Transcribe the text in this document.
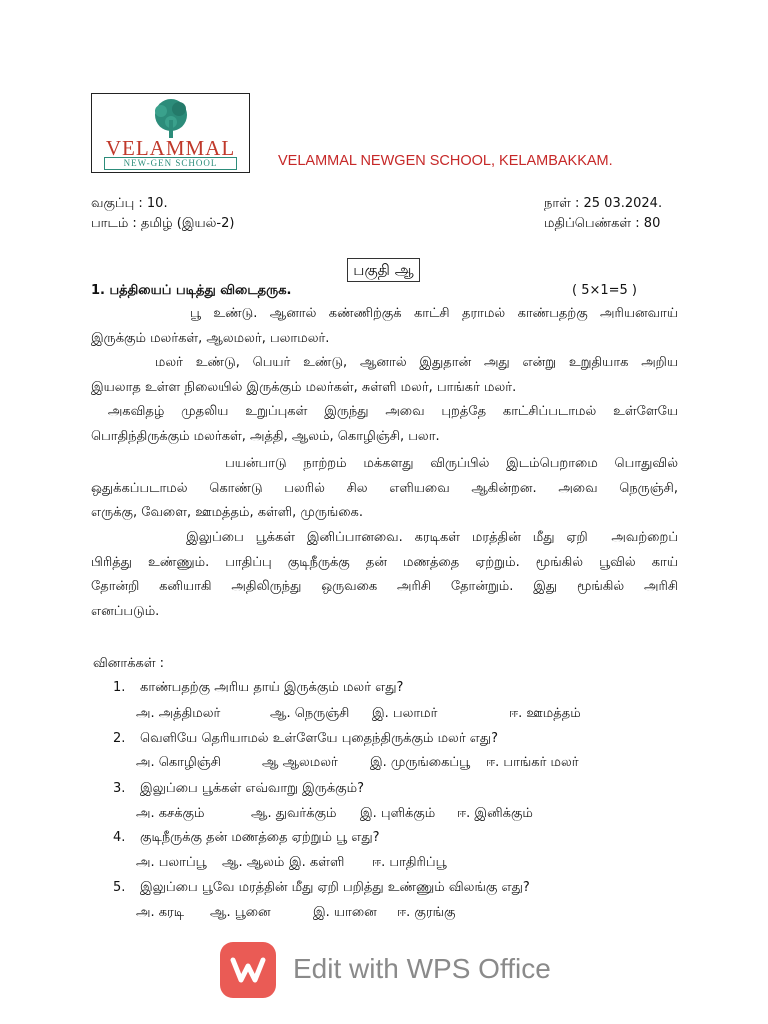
VELAMMAL
NEW-GEN SCHOOL	VELAMMAL NEWGEN SCHOOL, KELAMBAKKAM.
வகுப்பு : 10.
பாடம் : தமிழ் (இயல்-2)
நாள் : 25 03.2024.
மதிப்பெண்கள் : 80
பகுதி ஆ
1. பத்தியைப் படித்து விடைதருக.	( 5×1=5 )

பூ உண்டு. ஆனால் கண்ணிற்குக் காட்சி தராமல் காண்பதற்கு அரியனவாய்

இருக்கும் மலர்கள், ஆலமலர், பலாமலர்.

மலர் உண்டு, பெயர் உண்டு, ஆனால் இதுதான் அது என்று உறுதியாக அறிய

இயலாத உள்ள நிலையில் இருக்கும் மலர்கள், சுள்ளி மலர், பாங்கர் மலர்.

அகவிதழ் முதலிய உறுப்புகள் இருந்து அவை புறத்தே காட்சிப்படாமல் உள்ளேயே

பொதிந்திருக்கும் மலர்கள், அத்தி, ஆலம், கொழிஞ்சி, பலா.

பயன்பாடு நாற்றம் மக்களது விருப்பில் இடம்பெறாமை பொதுவில்

ஒதுக்கப்படாமல் கொண்டு பலரில் சில எளியவை ஆகின்றன. அவை நெருஞ்சி,

எருக்கு, வேளை, ஊமத்தம், கள்ளி, முருங்கை.

இலுப்பை பூக்கள் இனிப்பானவை. கரடிகள் மரத்தின் மீது ஏறி  அவற்றைப்

பிரித்து உண்ணும். பாதிப்பு குடிநீருக்கு தன் மணத்தை ஏற்றும். மூங்கில் பூவில் காய்

தோன்றி கனியாகி அதிலிருந்து ஒருவகை அரிசி தோன்றும். இது மூங்கில் அரிசி

எனப்படும்.

வினாக்கள் :
1. காண்பதற்கு அரிய தாய் இருக்கும் மலர் எது?
அ. அத்திமலர்	ஆ. நெருஞ்சி இ. பலாமர்	ஈ. ஊமத்தம்
2. வெளியே தெரியாமல் உள்ளேயே புதைந்திருக்கும் மலர் எது?
அ. கொழிஞ்சி	ஆ ஆலமலர் இ. முருங்கைப்பூ ஈ. பாங்கர் மலர்
3. இலுப்பை பூக்கள் எவ்வாறு இருக்கும்?
அ. கசக்கும்	ஆ. துவர்க்கும் இ. புளிக்கும் ஈ. இனிக்கும்
4. குடிநீருக்கு தன் மணத்தை ஏற்றும் பூ எது?
அ. பலாப்பூ ஆ. ஆலம் இ. கள்ளி ஈ. பாதிரிப்பூ
5. இலுப்பை பூவே மரத்தின் மீது ஏறி பறித்து உண்ணும் விலங்கு எது?
அ. கரடி ஆ. பூனை	இ. யானை ஈ. குரங்கு
Edit with WPS Office
